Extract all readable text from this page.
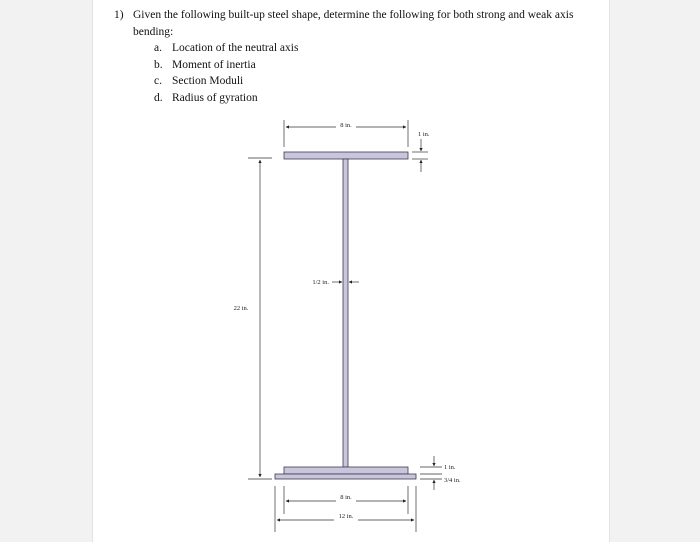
1) Given the following built-up steel shape, determine the following for both strong and weak axis bending:
a. Location of the neutral axis
b. Moment of inertia
c. Section Moduli
d. Radius of gyration
8 in.
1 in.
1/2 in.
22 in.
1 in.
3/4 in.
8 in.
12 in.
